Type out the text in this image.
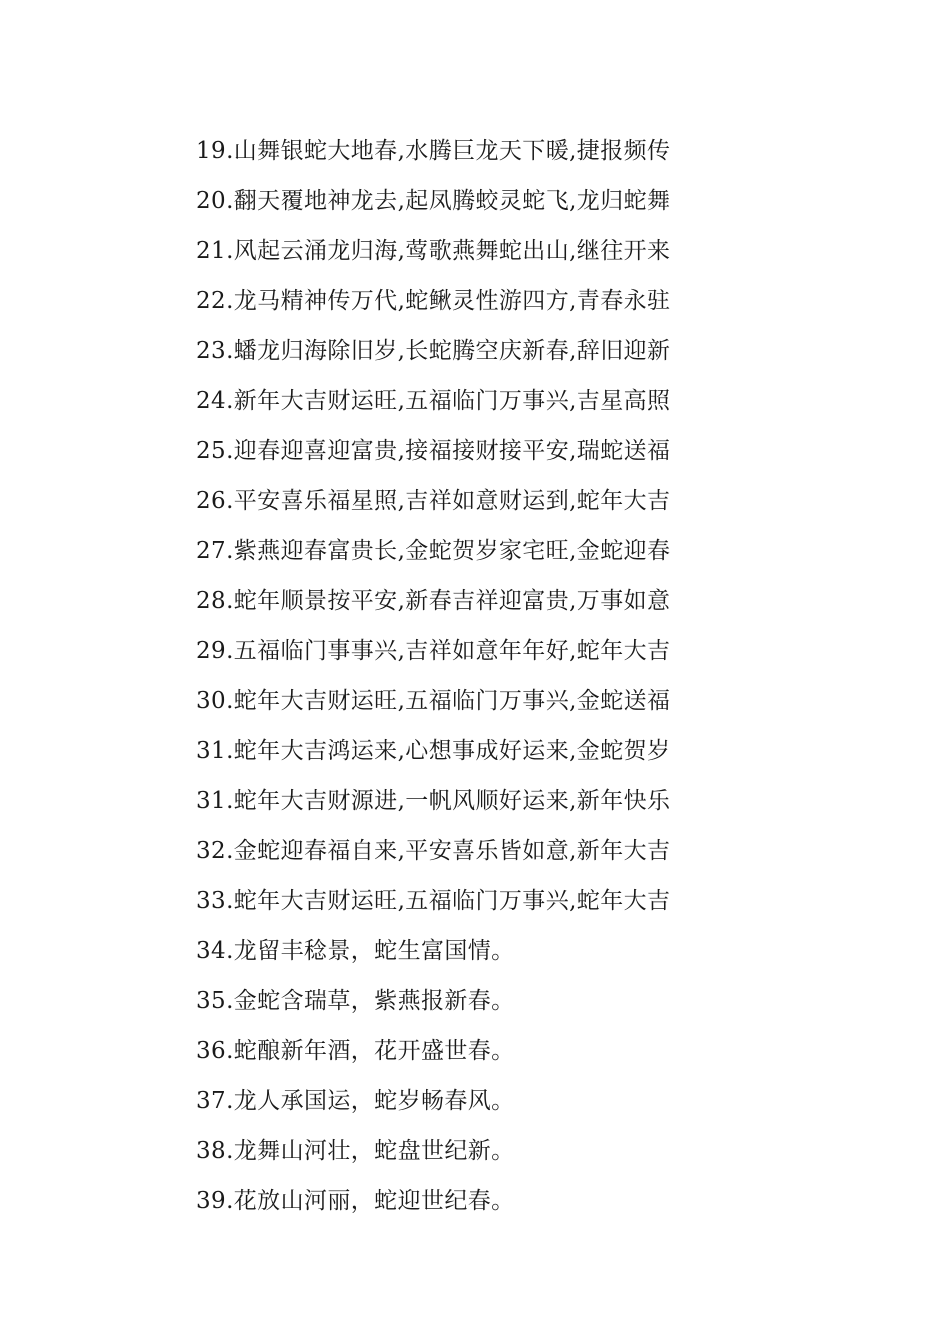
19.山舞银蛇大地春,水腾巨龙天下暖,捷报频传
20.翻天覆地神龙去,起凤腾蛟灵蛇飞,龙归蛇舞
21.风起云涌龙归海,莺歌燕舞蛇出山,继往开来
22.龙马精神传万代,蛇鳅灵性游四方,青春永驻
23.蟠龙归海除旧岁,长蛇腾空庆新春,辞旧迎新
24.新年大吉财运旺,五福临门万事兴,吉星高照
25.迎春迎喜迎富贵,接福接财接平安,瑞蛇送福
26.平安喜乐福星照,吉祥如意财运到,蛇年大吉
27.紫燕迎春富贵长,金蛇贺岁家宅旺,金蛇迎春
28.蛇年顺景按平安,新春吉祥迎富贵,万事如意
29.五福临门事事兴,吉祥如意年年好,蛇年大吉
30.蛇年大吉财运旺,五福临门万事兴,金蛇送福
31.蛇年大吉鸿运来,心想事成好运来,金蛇贺岁
31.蛇年大吉财源进,一帆风顺好运来,新年快乐
32.金蛇迎春福自来,平安喜乐皆如意,新年大吉
33.蛇年大吉财运旺,五福临门万事兴,蛇年大吉
34.龙留丰稔景，蛇生富国情。
35.金蛇含瑞草，紫燕报新春。
36.蛇酿新年酒，花开盛世春。
37.龙人承国运，蛇岁畅春风。
38.龙舞山河壮，蛇盘世纪新。
39.花放山河丽，蛇迎世纪春。
